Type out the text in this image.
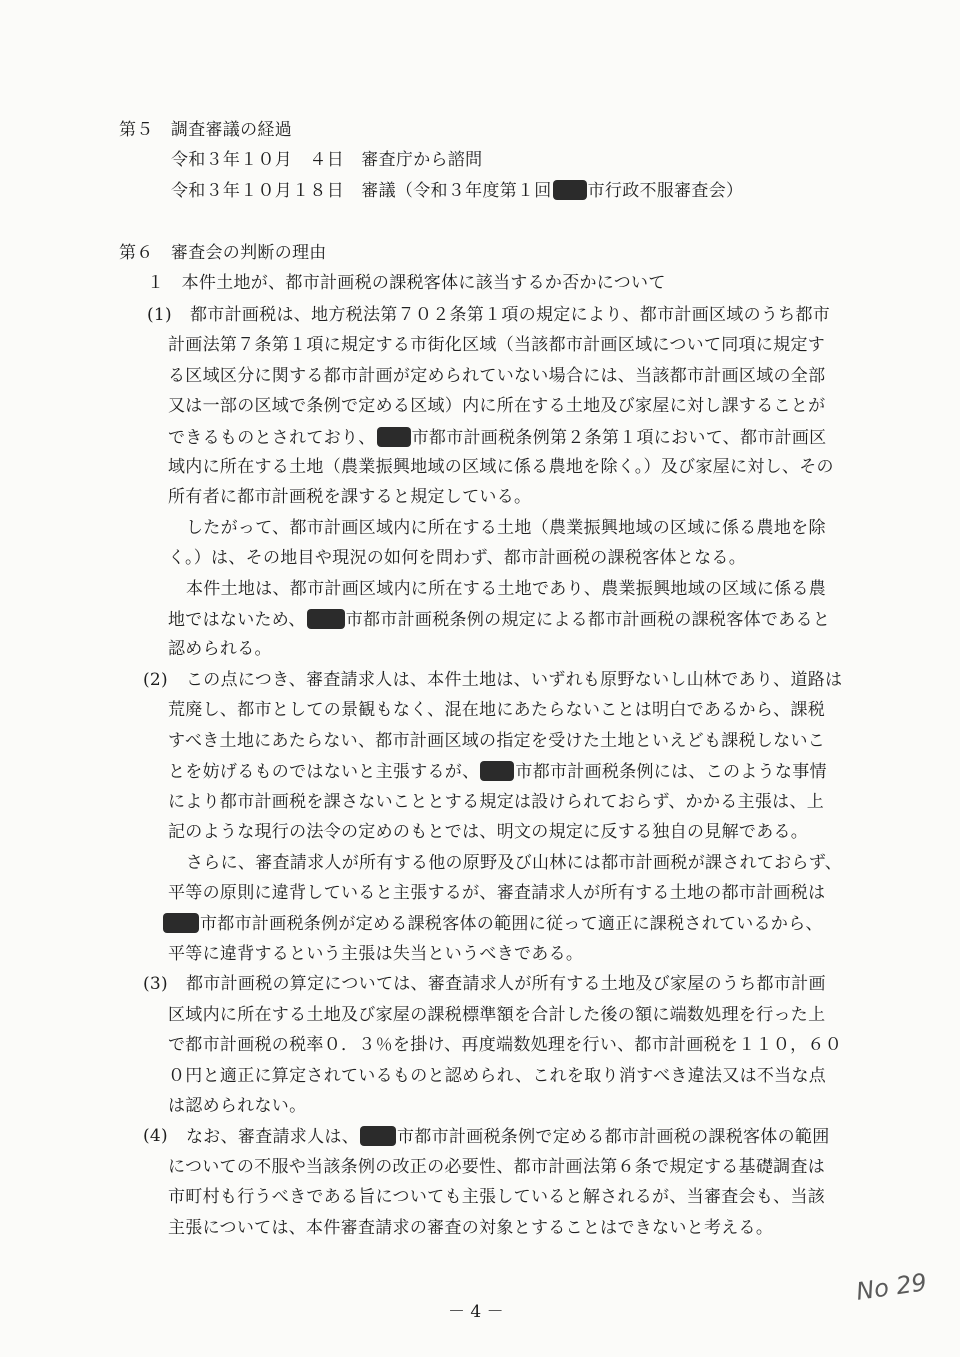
第５　調査審議の経過
令和３年１０月　４日　審査庁から諮問
令和３年１０月１８日　審議（令和３年度第１回 市行政不服審査会）
第６　審査会の判断の理由
１　本件土地が、都市計画税の課税客体に該当するか否かについて
(1) 都市計画税は、地方税法第７０２条第１項の規定により、都市計画区域のうち都市
計画法第７条第１項に規定する市街化区域（当該都市計画区域について同項に規定す
る区域区分に関する都市計画が定められていない場合には、当該都市計画区域の全部
又は一部の区域で条例で定める区域）内に所在する土地及び家屋に対し課することが
できるものとされており、 市都市計画税条例第２条第１項において、都市計画区
域内に所在する土地（農業振興地域の区域に係る農地を除く。）及び家屋に対し、その
所有者に都市計画税を課すると規定している。
したがって、都市計画区域内に所在する土地（農業振興地域の区域に係る農地を除
く。）は、その地目や現況の如何を問わず、都市計画税の課税客体となる。
本件土地は、都市計画区域内に所在する土地であり、農業振興地域の区域に係る農
地ではないため、 市都市計画税条例の規定による都市計画税の課税客体であると
認められる。
(2) この点につき、審査請求人は、本件土地は、いずれも原野ないし山林であり、道路は
荒廃し、都市としての景観もなく、混在地にあたらないことは明白であるから、課税
すべき土地にあたらない、都市計画区域の指定を受けた土地といえども課税しないこ
とを妨げるものではないと主張するが、 市都市計画税条例には、このような事情
により都市計画税を課さないこととする規定は設けられておらず、かかる主張は、上
記のような現行の法令の定めのもとでは、明文の規定に反する独自の見解である。
さらに、審査請求人が所有する他の原野及び山林には都市計画税が課されておらず、
平等の原則に違背していると主張するが、審査請求人が所有する土地の都市計画税は
市都市計画税条例が定める課税客体の範囲に従って適正に課税されているから、
平等に違背するという主張は失当というべきである。
(3) 都市計画税の算定については、審査請求人が所有する土地及び家屋のうち都市計画
区域内に所在する土地及び家屋の課税標準額を合計した後の額に端数処理を行った上
で都市計画税の税率０．３％を掛け、再度端数処理を行い、都市計画税を１１０，６０
０円と適正に算定されているものと認められ、これを取り消すべき違法又は不当な点
は認められない。
(4) なお、審査請求人は、 市都市計画税条例で定める都市計画税の課税客体の範囲
についての不服や当該条例の改正の必要性、都市計画法第６条で規定する基礎調査は
市町村も行うべきである旨についても主張していると解されるが、当審査会も、当該
主張については、本件審査請求の審査の対象とすることはできないと考える。
No 29
－ 4 －
